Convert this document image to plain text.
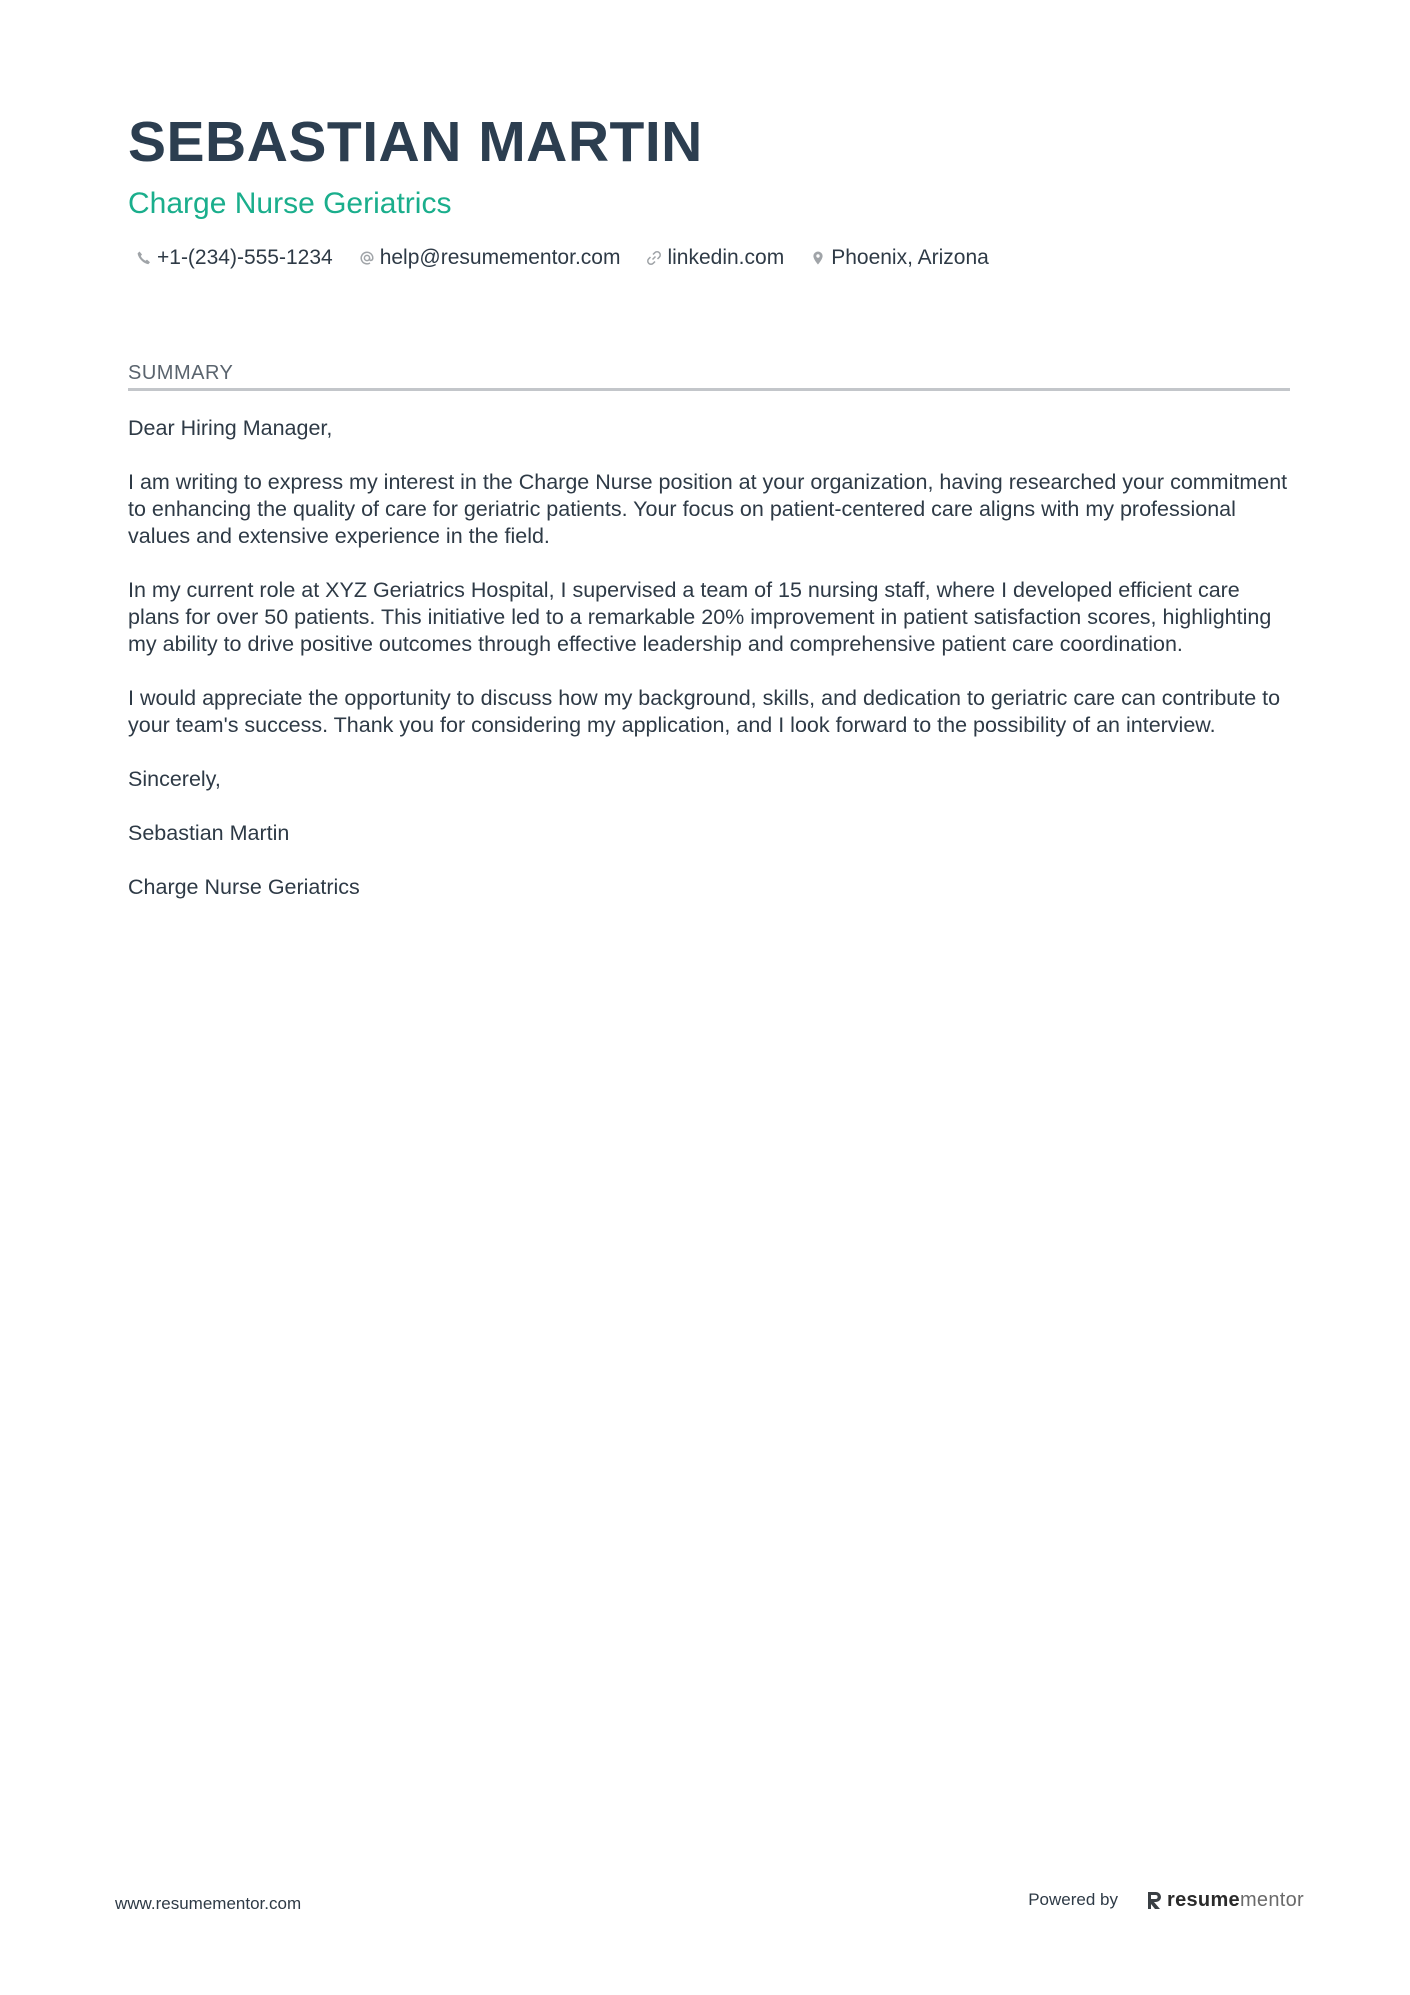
SEBASTIAN MARTIN
Charge Nurse Geriatrics
+1-(234)-555-1234 help@resumementor.com linkedin.com Phoenix, Arizona
SUMMARY

Dear Hiring Manager,

I am writing to express my interest in the Charge Nurse position at your organization, having researched your commitment to enhancing the quality of care for geriatric patients. Your focus on patient-centered care aligns with my professional values and extensive experience in the field.

In my current role at XYZ Geriatrics Hospital, I supervised a team of 15 nursing staff, where I developed efficient care plans for over 50 patients. This initiative led to a remarkable 20% improvement in patient satisfaction scores, highlighting my ability to drive positive outcomes through effective leadership and comprehensive patient care coordination.

I would appreciate the opportunity to discuss how my background, skills, and dedication to geriatric care can contribute to your team's success. Thank you for considering my application, and I look forward to the possibility of an interview.

Sincerely,

Sebastian Martin

Charge Nurse Geriatrics

www.resumementor.com	Powered by resume mentor
